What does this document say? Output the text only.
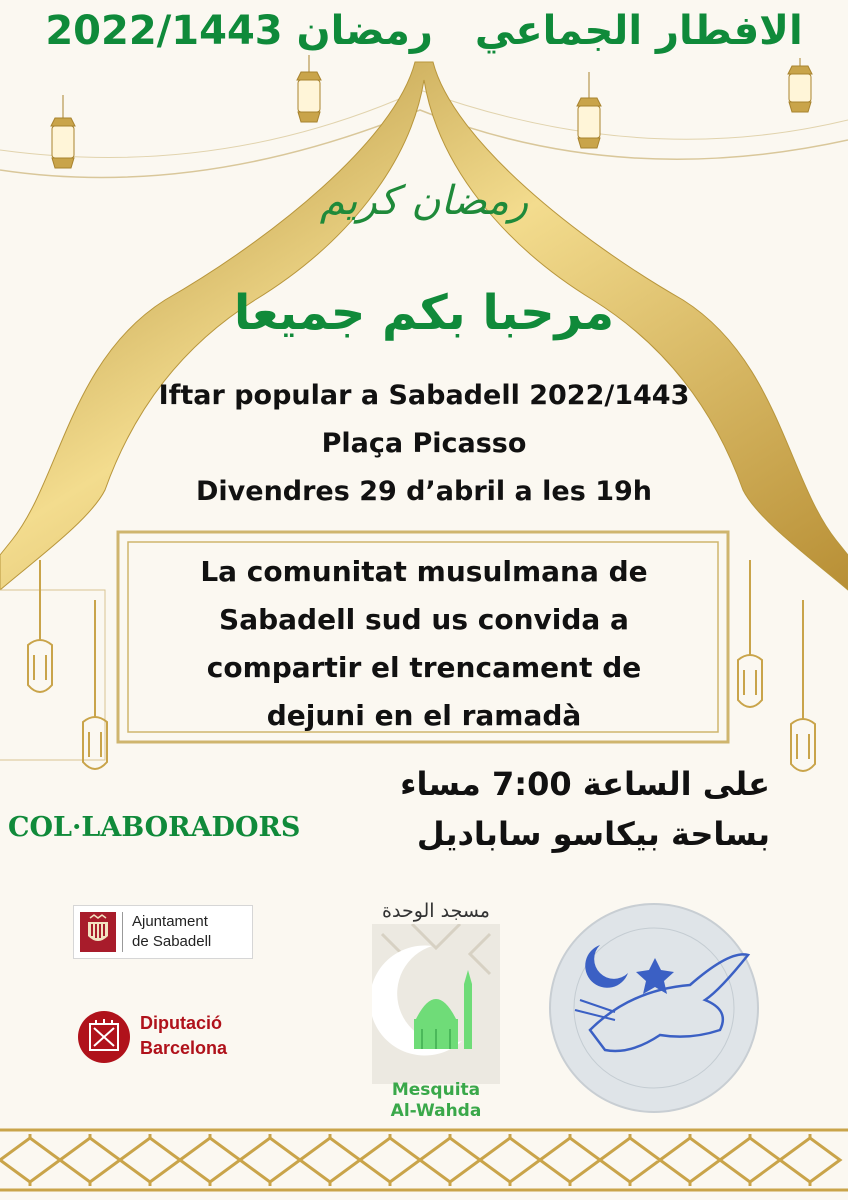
الافطار الجماعي رمضان 2022/1443
رمضان كريم
مرحبا بكم جميعا
Iftar popular a Sabadell 2022/1443
Plaça Picasso
Divendres 29 d’abril a les 19h
La comunitat musulmana de
Sabadell sud us convida a
compartir el trencament de
dejuni en el ramadà
على الساعة 7:00 مساء
بساحة بيكاسو ساباديل
COL·LABORADORS
Ajuntament
de Sabadell
Diputació
Barcelona
مسجد الوحدة
Mesquita
Al-Wahda
